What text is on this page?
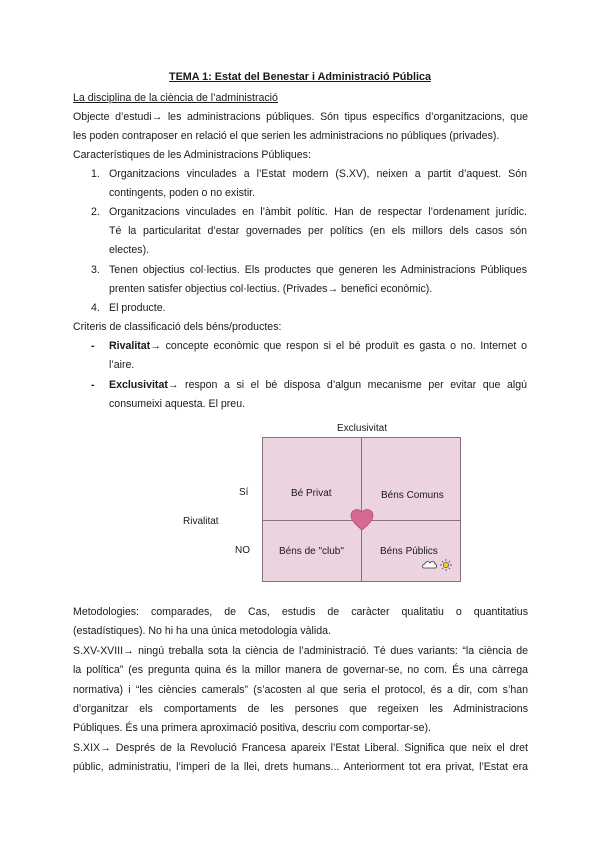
TEMA 1: Estat del Benestar i Administració Pública
La disciplina de la ciència de l’administració
Objecte d’estudi→ les administracions públiques. Són tipus específics d’organitzacions, que
les poden contraposer en relació el que serien les administracions no públiques (privades).
Característiques de les Administracions Públiques:
1. Organitzacions vinculades a l’Estat modern (S.XV), neixen a partit d’aquest. Són
contingents, poden o no existir.
2. Organitzacions vinculades en l’àmbit polític. Han de respectar l’ordenament jurídic.
Té la particularitat d’estar governades per polítics (en els millors dels casos són
electes).
3. Tenen objectius col·lectius. Els productes que generen les Administracions Públiques
prenten satisfer objectius col·lectius. (Privades→ benefici econòmic).
4. El producte.
Criteris de classificació dels béns/productes:
- Rivalitat→ concepte econòmic que respon si el bé produït es gasta o no. Internet o
l’aire.
- Exclusivitat→ respon a si el bé disposa d’algun mecanisme per evitar que algú
consumeixi aquesta. El preu.
Exclusivitat
Sí
Rivalitat
NO
Bé Privat	Béns Comuns
Béns de "club"	Béns Públics
Metodologies: comparades, de Cas, estudis de caràcter qualitatiu o quantitatius
(estadístiques). No hi ha una única metodologia vàlida.
S.XV-XVIII→ ningú treballa sota la ciència de l’administració. Té dues variants: “la ciència de
la política” (es pregunta quina és la millor manera de governar-se, no com. És una càrrega
normativa) i “les ciències camerals” (s’acosten al que seria el protocol, és a dir, com s’han
d’organitzar els comportaments de les persones que regeixen les Administracions
Públiques. És una primera aproximació positiva, descriu com comportar-se).
S.XIX→ Després de la Revolució Francesa apareix l’Estat Liberal. Significa que neix el dret
públic, administratiu, l’imperi de la llei, drets humans... Anteriorment tot era privat, l’Estat era
